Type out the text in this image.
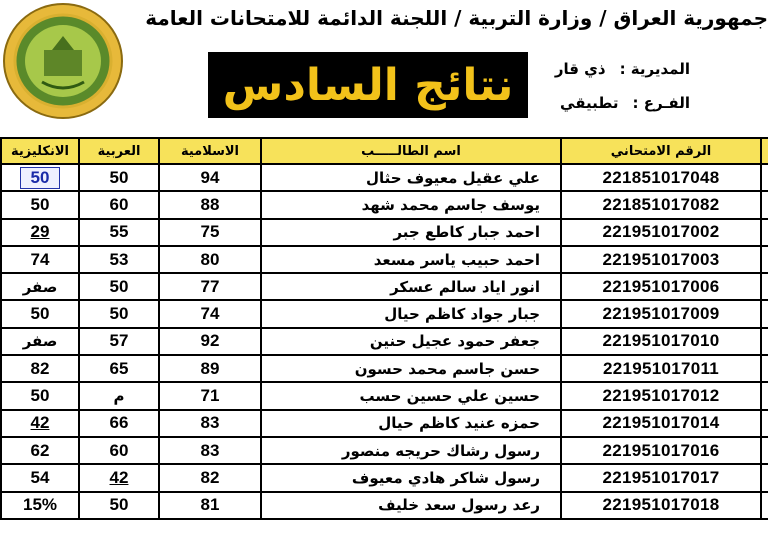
جمهورية العراق / وزارة التربية / اللجنة الدائمة للامتحانات العامة
نتائج السادس	المديرية :
ذي قار
الفـرع :
تطبيقي
الانكليزية	العربية	الاسلامية	اسم الطالـــــب	الرقم الامتحاني	
50	50	94	علي عقيل معيوف حثال	221851017048	
50	60	88	يوسف جاسم محمد شهد	221851017082	
29	55	75	احمد جبار كاطع جبر	221951017002	
74	53	80	احمد حبيب ياسر مسعد	221951017003	
صفر	50	77	انور اياد سالم عسكر	221951017006	
50	50	74	جبار جواد كاظم حيال	221951017009	
صفر	57	92	جعفر حمود عجيل حنين	221951017010	
82	65	89	حسن جاسم محمد حسون	221951017011	
50	م	71	حسين علي حسين حسب	221951017012	
42	66	83	حمزه عنيد كاظم حيال	221951017014	
62	60	83	رسول رشاك حريجه منصور	221951017016	
54	42	82	رسول شاكر هادي معيوف	221951017017	
15%	50	81	رعد رسول سعد خليف	221951017018	
